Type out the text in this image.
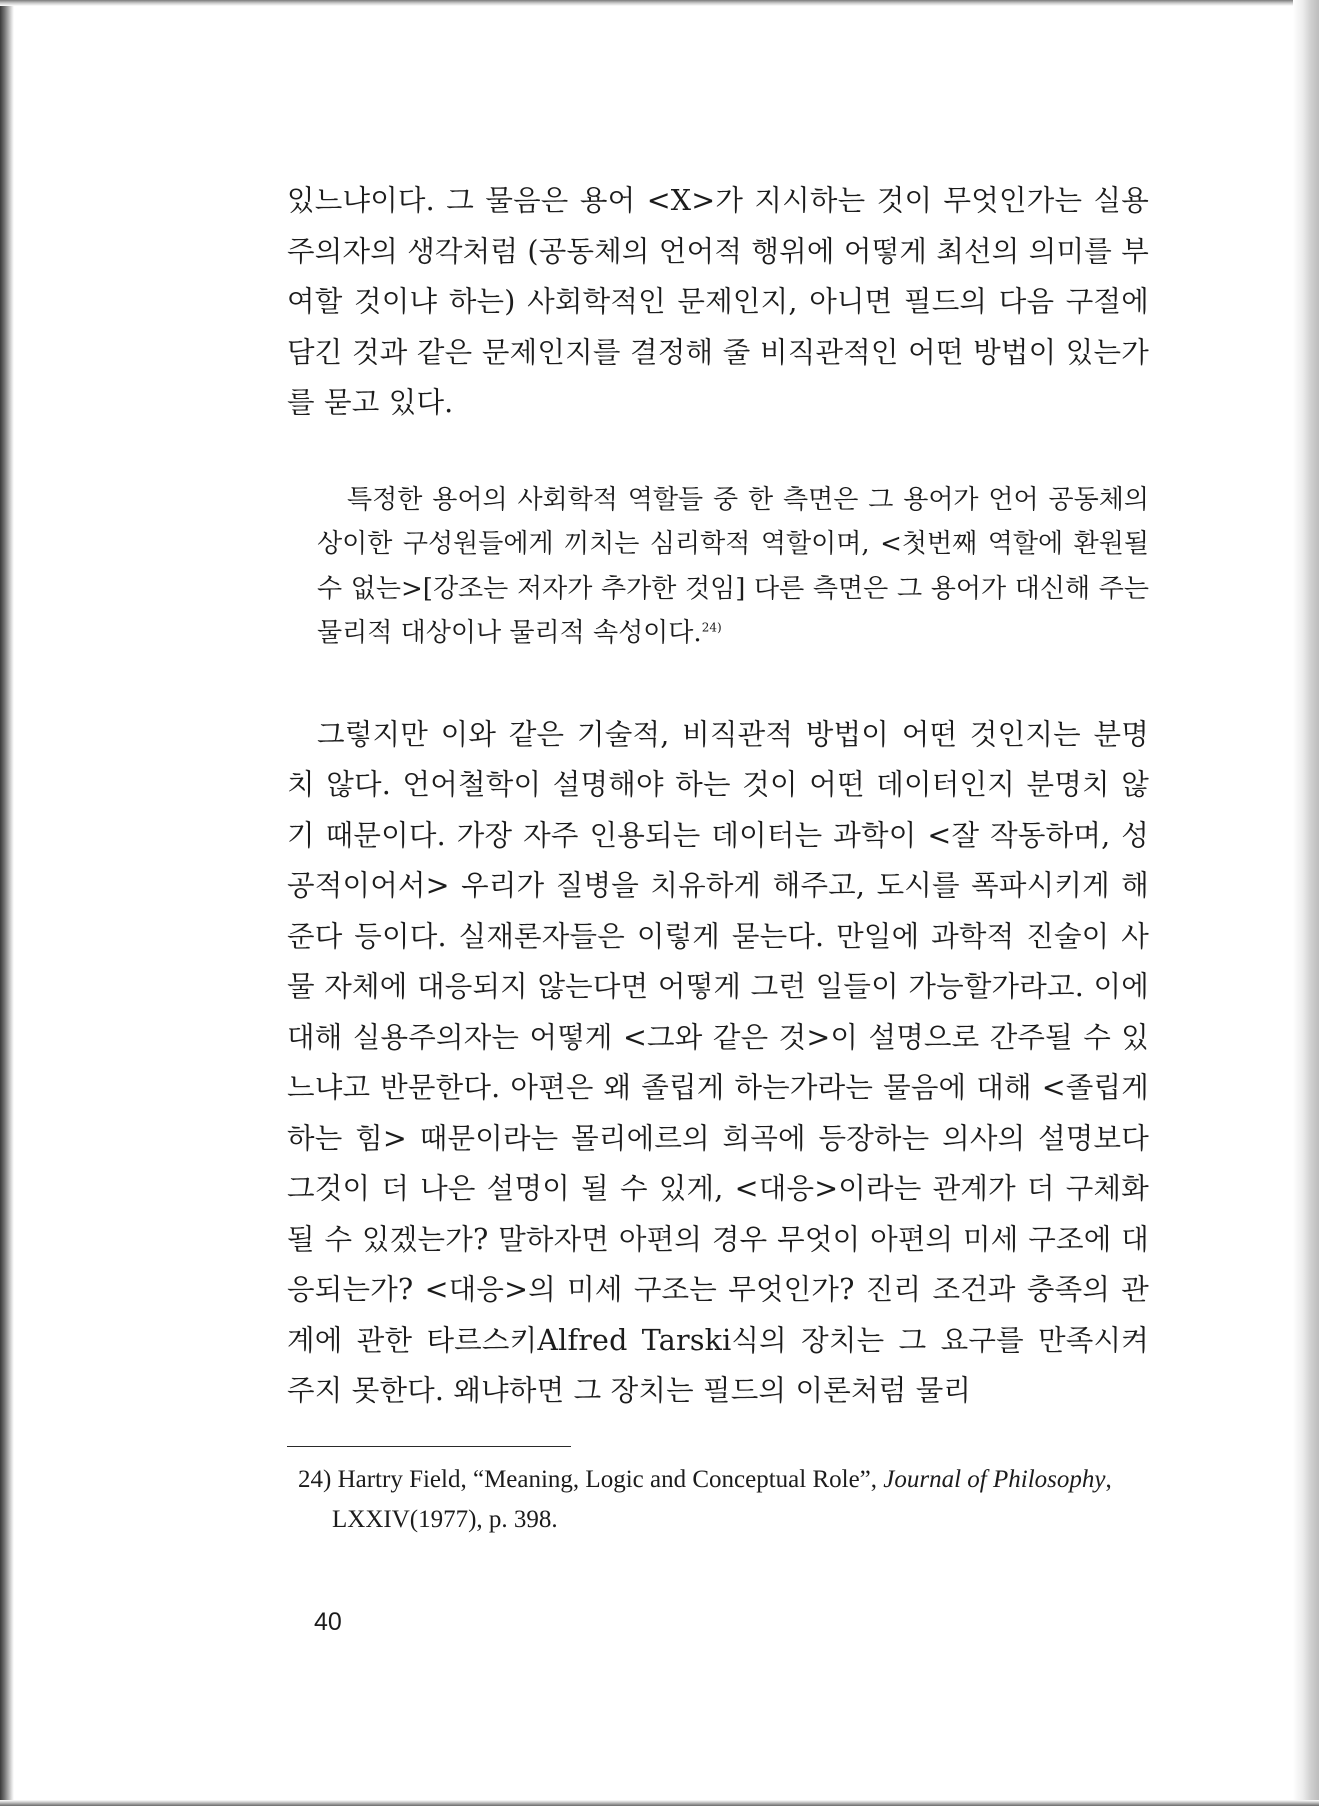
있느냐이다. 그 물음은 용어 <X>가 지시하는 것이 무엇인가는 실용주의자의 생각처럼 (공동체의 언어적 행위에 어떻게 최선의 의미를 부여할 것이냐 하는) 사회학적인 문제인지, 아니면 필드의 다음 구절에 담긴 것과 같은 문제인지를 결정해 줄 비직관적인 어떤 방법이 있는가를 묻고 있다.

특정한 용어의 사회학적 역할들 중 한 측면은 그 용어가 언어 공동체의 상이한 구성원들에게 끼치는 심리학적 역할이며, <첫번째 역할에 환원될 수 없는>[강조는 저자가 추가한 것임] 다른 측면은 그 용어가 대신해 주는 물리적 대상이나 물리적 속성이다.$^{24)}$

그렇지만 이와 같은 기술적, 비직관적 방법이 어떤 것인지는 분명치 않다. 언어철학이 설명해야 하는 것이 어떤 데이터인지 분명치 않기 때문이다. 가장 자주 인용되는 데이터는 과학이 <잘 작동하며, 성공적이어서> 우리가 질병을 치유하게 해주고, 도시를 폭파시키게 해준다 등이다. 실재론자들은 이렇게 묻는다. 만일에 과학적 진술이 사물 자체에 대응되지 않는다면 어떻게 그런 일들이 가능할가라고. 이에 대해 실용주의자는 어떻게 <그와 같은 것>이 설명으로 간주될 수 있느냐고 반문한다. 아편은 왜 졸립게 하는가라는 물음에 대해 <졸립게 하는 힘> 때문이라는 몰리에르의 희곡에 등장하는 의사의 설명보다 그것이 더 나은 설명이 될 수 있게, <대응>이라는 관계가 더 구체화될 수 있겠는가? 말하자면 아편의 경우 무엇이 아편의 미세 구조에 대응되는가? <대응>의 미세 구조는 무엇인가? 진리 조건과 충족의 관계에 관한 타르스키Alfred Tarski식의 장치는 그 요구를 만족시켜 주지 못한다. 왜냐하면 그 장치는 필드의 이론처럼 물리

24) Hartry Field, “Meaning, Logic and Conceptual Role”, Journal of Philosophy, LXXIV(1977), p. 398.
40
